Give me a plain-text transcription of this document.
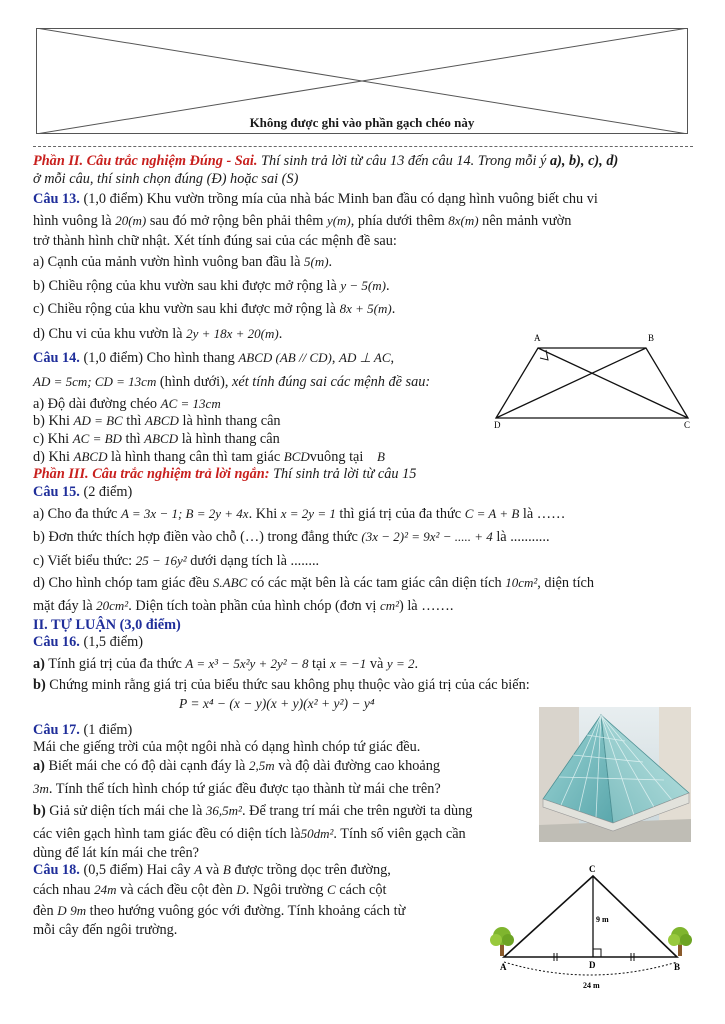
Không được ghi vào phần gạch chéo này
Phần II. Câu trắc nghiệm Đúng - Sai. Thí sinh trả lời từ câu 13 đến câu 14. Trong mỗi ý a), b), c), d)
ở mỗi câu, thí sinh chọn đúng (Đ) hoặc sai (S)
Câu 13. (1,0 điểm) Khu vườn trồng mía của nhà bác Minh ban đầu có dạng hình vuông biết chu vi
hình vuông là 20(m) sau đó mở rộng bên phải thêm y(m), phía dưới thêm 8x(m) nên mảnh vườn
trở thành hình chữ nhật. Xét tính đúng sai của các mệnh đề sau:
a) Cạnh của mảnh vườn hình vuông ban đầu là 5(m).
b) Chiều rộng của khu vườn sau khi được mở rộng là y − 5(m).
c) Chiều rộng của khu vườn sau khi được mở rộng là 8x + 5(m).
d) Chu vi của khu vườn là 2y + 18x + 20(m).
Câu 14. (1,0 điểm) Cho hình thang ABCD (AB // CD), AD ⊥ AC,
AD = 5cm; CD = 13cm (hình dưới), xét tính đúng sai các mệnh đề sau:
a) Độ dài đường chéo AC = 13cm
b) Khi AD = BC thì ABCD là hình thang cân
c) Khi AC = BD thì ABCD là hình thang cân
d) Khi ABCD là hình thang cân thì tam giác BCDvuông tại B
A	B
D	C
Phần III. Câu trắc nghiệm trả lời ngắn: Thí sinh trả lời từ câu 15
Câu 15. (2 điểm)
a) Cho đa thức A = 3x − 1; B = 2y + 4x. Khi x = 2y = 1 thì giá trị của đa thức C = A + B là ……
b) Đơn thức thích hợp điền vào chỗ (…) trong đẳng thức (3x − 2)² = 9x² − ..... + 4 là ...........
c) Viết biểu thức: 25 − 16y² dưới dạng tích là ........
d) Cho hình chóp tam giác đều S.ABC có các mặt bên là các tam giác cân diện tích 10cm², diện tích
mặt đáy là 20cm². Diện tích toàn phần của hình chóp (đơn vị cm²) là …….
II. TỰ LUẬN (3,0 điểm)
Câu 16. (1,5 điểm)
a) Tính giá trị của đa thức A = x³ − 5x²y + 2y² − 8 tại x = −1 và y = 2.
b) Chứng minh rằng giá trị của biểu thức sau không phụ thuộc vào giá trị của các biến:
P = x⁴ − (x − y)(x + y)(x² + y²) − y⁴
Câu 17. (1 điểm)
Mái che giếng trời của một ngôi nhà có dạng hình chóp tứ giác đều.
a) Biết mái che có độ dài cạnh đáy là 2,5m và độ dài đường cao khoảng
3m. Tính thể tích hình chóp tứ giác đều được tạo thành từ mái che trên?
b) Giả sử diện tích mái che là 36,5m². Để trang trí mái che trên người ta dùng
các viên gạch hình tam giác đều có diện tích là50dm². Tính số viên gạch cần
dùng để lát kín mái che trên?
Câu 18. (0,5 điểm) Hai cây A và B được trồng dọc trên đường,
cách nhau 24m và cách đều cột đèn D. Ngôi trường C cách cột
đèn D 9m theo hướng vuông góc với đường. Tính khoảng cách từ
mỗi cây đến ngôi trường.
C
9 m
A	D	B
24 m
